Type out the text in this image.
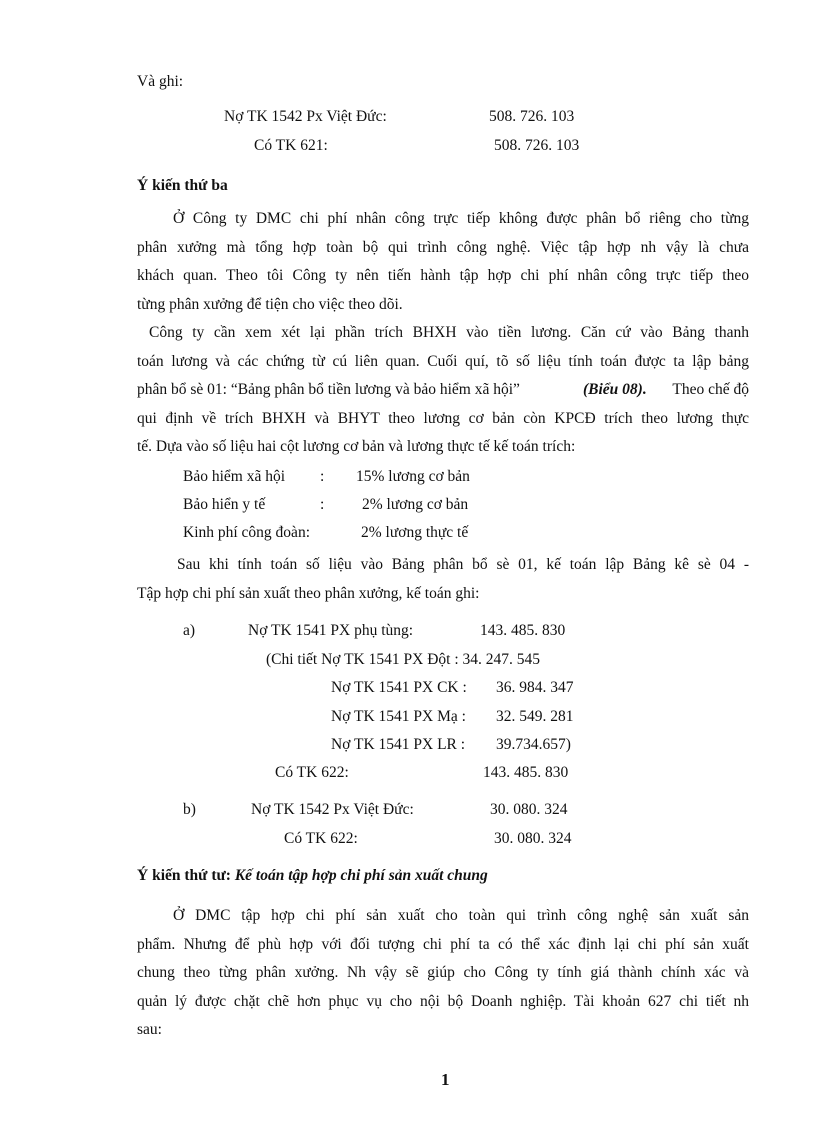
Và ghi:
Nợ TK 1542 Px Việt Đức:	508. 726. 103
Có TK 621:	508. 726. 103
Ý kiến thứ ba
Ở Công ty DMC chi phí nhân công trực tiếp không được phân bổ riêng cho từng
phân xưởng mà tổng hợp toàn bộ qui trình công nghệ. Việc tập hợp nh vậy là chưa
khách quan. Theo tôi Công ty nên tiến hành tập hợp chi phí nhân công trực tiếp theo
từng phân xưởng để tiện cho việc theo dõi.
Công ty cần xem xét lại phần trích BHXH vào tiền lương. Căn cứ vào Bảng thanh
toán lương và các chứng từ cú liên quan. Cuối quí, tõ số liệu tính toán được ta lập bảng
phân bổ sè 01: “Bảng phân bổ tiền lương và bảo hiểm xã hội”	(Biểu 08). Theo chế độ
qui định về trích BHXH và BHYT theo lương cơ bản còn KPCĐ trích theo lương thực
tế. Dựa vào số liệu hai cột lương cơ bản và lương thực tế kế toán trích:
Bảo hiểm xã hội : 15% lương cơ bản
Bảo hiển y tế	: 2% lương cơ bản
Kinh phí công đoàn:	2% lương thực tế
Sau khi tính toán số liệu vào Bảng phân bổ sè 01, kế toán lập Bảng kê sè 04 -
Tập hợp chi phí sản xuất theo phân xưởng, kế toán ghi:
a)	Nợ TK 1541 PX phụ tùng:	143. 485. 830
(Chi tiết Nợ TK 1541 PX Đột : 34. 247. 545
Nợ TK 1541 PX CK : 36. 984. 347
Nợ TK 1541 PX Mạ : 32. 549. 281
Nợ TK 1541 PX LR : 39.734.657)
Có TK 622:	143. 485. 830
b)	Nợ TK 1542 Px Việt Đức:	30. 080. 324
Có TK 622:	30. 080. 324
Ý kiến thứ tư: Kế toán tập hợp chi phí sản xuất chung
Ở DMC tập hợp chi phí sản xuất cho toàn qui trình công nghệ sản xuất sản
phẩm. Nhưng để phù hợp với đối tượng chi phí ta có thể xác định lại chi phí sản xuất
chung theo từng phân xưởng. Nh vậy sẽ giúp cho Công ty tính giá thành chính xác và
quản lý được chặt chẽ hơn phục vụ cho nội bộ Doanh nghiệp. Tài khoản 627 chi tiết nh
sau:
1
